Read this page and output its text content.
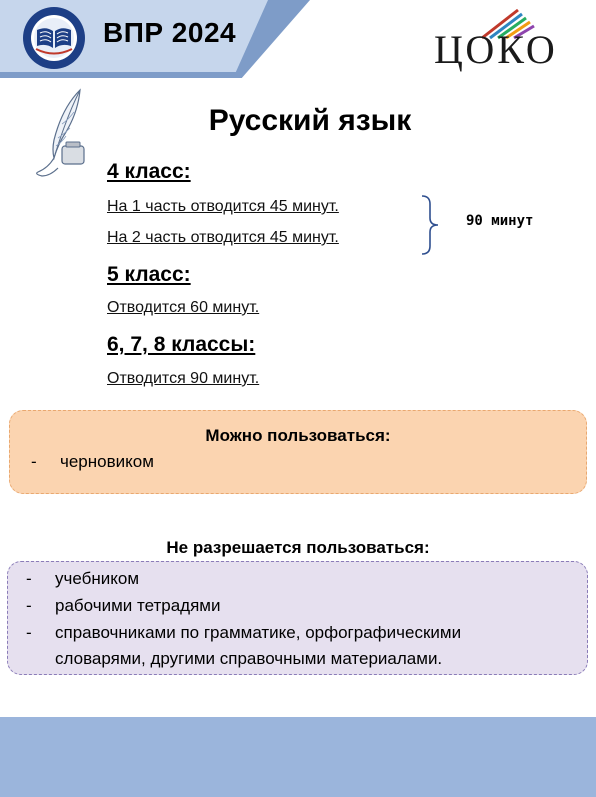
ВПР 2024	ЦОКО
Русский язык
4 класс:
На 1 часть отводится 45 минут.
На 2 часть отводится 45 минут.
90 минут
5 класс:
Отводится 60 минут.
6, 7, 8 классы:
Отводится 90 минут.
Можно пользоваться:
- черновиком
Не разрешается пользоваться:
- учебником
- рабочими тетрадями
- справочниками по грамматике, орфографическими
словарями, другими справочными материалами.
